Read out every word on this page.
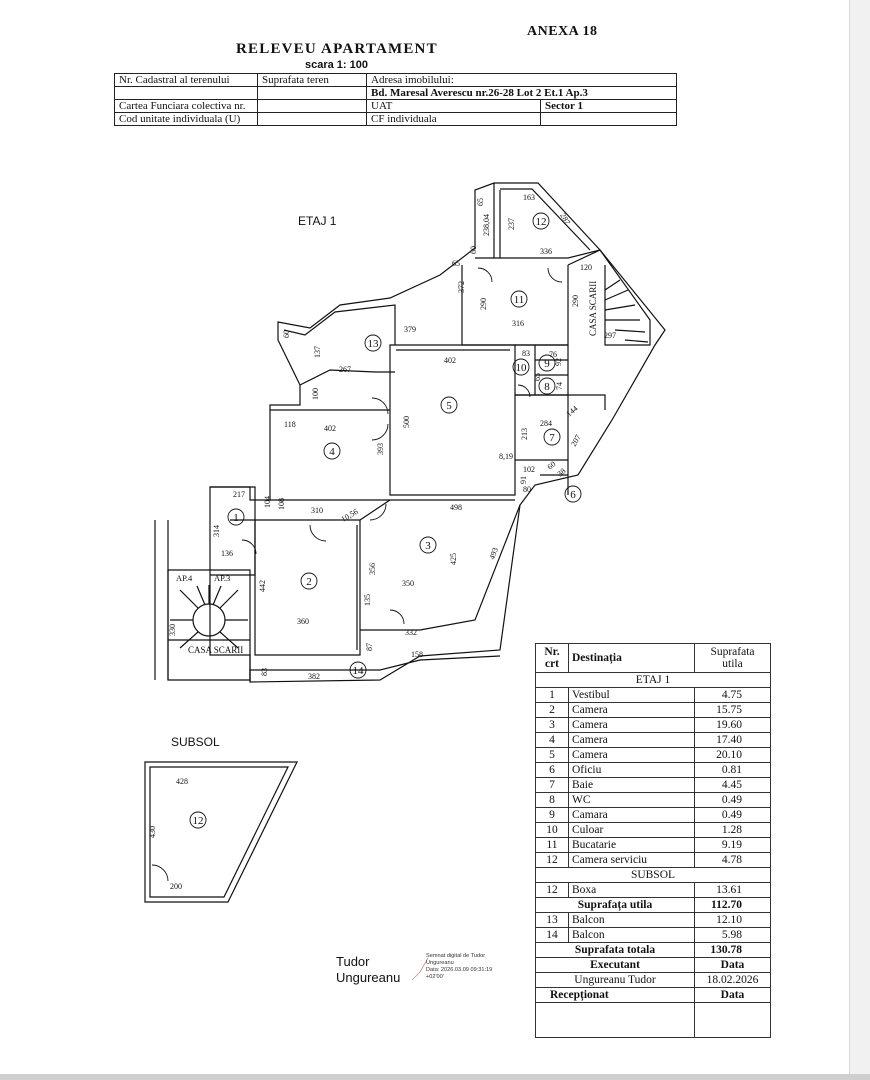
ANEXA 18
RELEVEU APARTAMENT
scara 1: 100
Nr. Cadastral al terenului	Suprafata teren	Adresa imobilului:	
		Bd. Maresal Averescu nr.26-28 Lot 2 Et.1 Ap.3	
Cartea Funciara colectiva nr.		UAT	Sector 1
Cod unitate individuala (U)		CF individuala	
ETAJ 1
SUBSOL
1
2
3
4
5
6
7
8
9
10
11
12
13
14
12
CASA SCARII
CASA SCARII
AP.4	AP.3
163
237	287
65
238,04
60	336
65
372
120
290	290
316
297
60
137
379
83 76
92
267
402
65
74
100
144
284
118	402
500
213	207
393
8,19
60
38
102
91
80
217
104 108	498
310 10,56
314
136	425	493
442
356
350
135
330
360
332
87
158
83	382
428
430
200
Nr.
crt	Destinația	Suprafata
utila
ETAJ 1		
1	Vestibul	4.75
2	Camera	15.75
3	Camera	19.60
4	Camera	17.40
5	Camera	20.10
6	Oficiu	0.81
7	Baie	4.45
8	WC	0.49
9	Camara	0.49
10	Culoar	1.28
11	Bucatarie	9.19
12	Camera serviciu	4.78
SUBSOL		
12	Boxa	13.61
Suprafața utila		112.70
13	Balcon	12.10
14	Balcon	5.98
Suprafata totala		130.78
Executant		Data
Ungureanu Tudor		18.02.2026
Recepționat		Data

Tudor
Ungureanu
Semnat digital de Tudor
Ungureanu
Data: 2026.03.09 09:31:19
+02'00'
